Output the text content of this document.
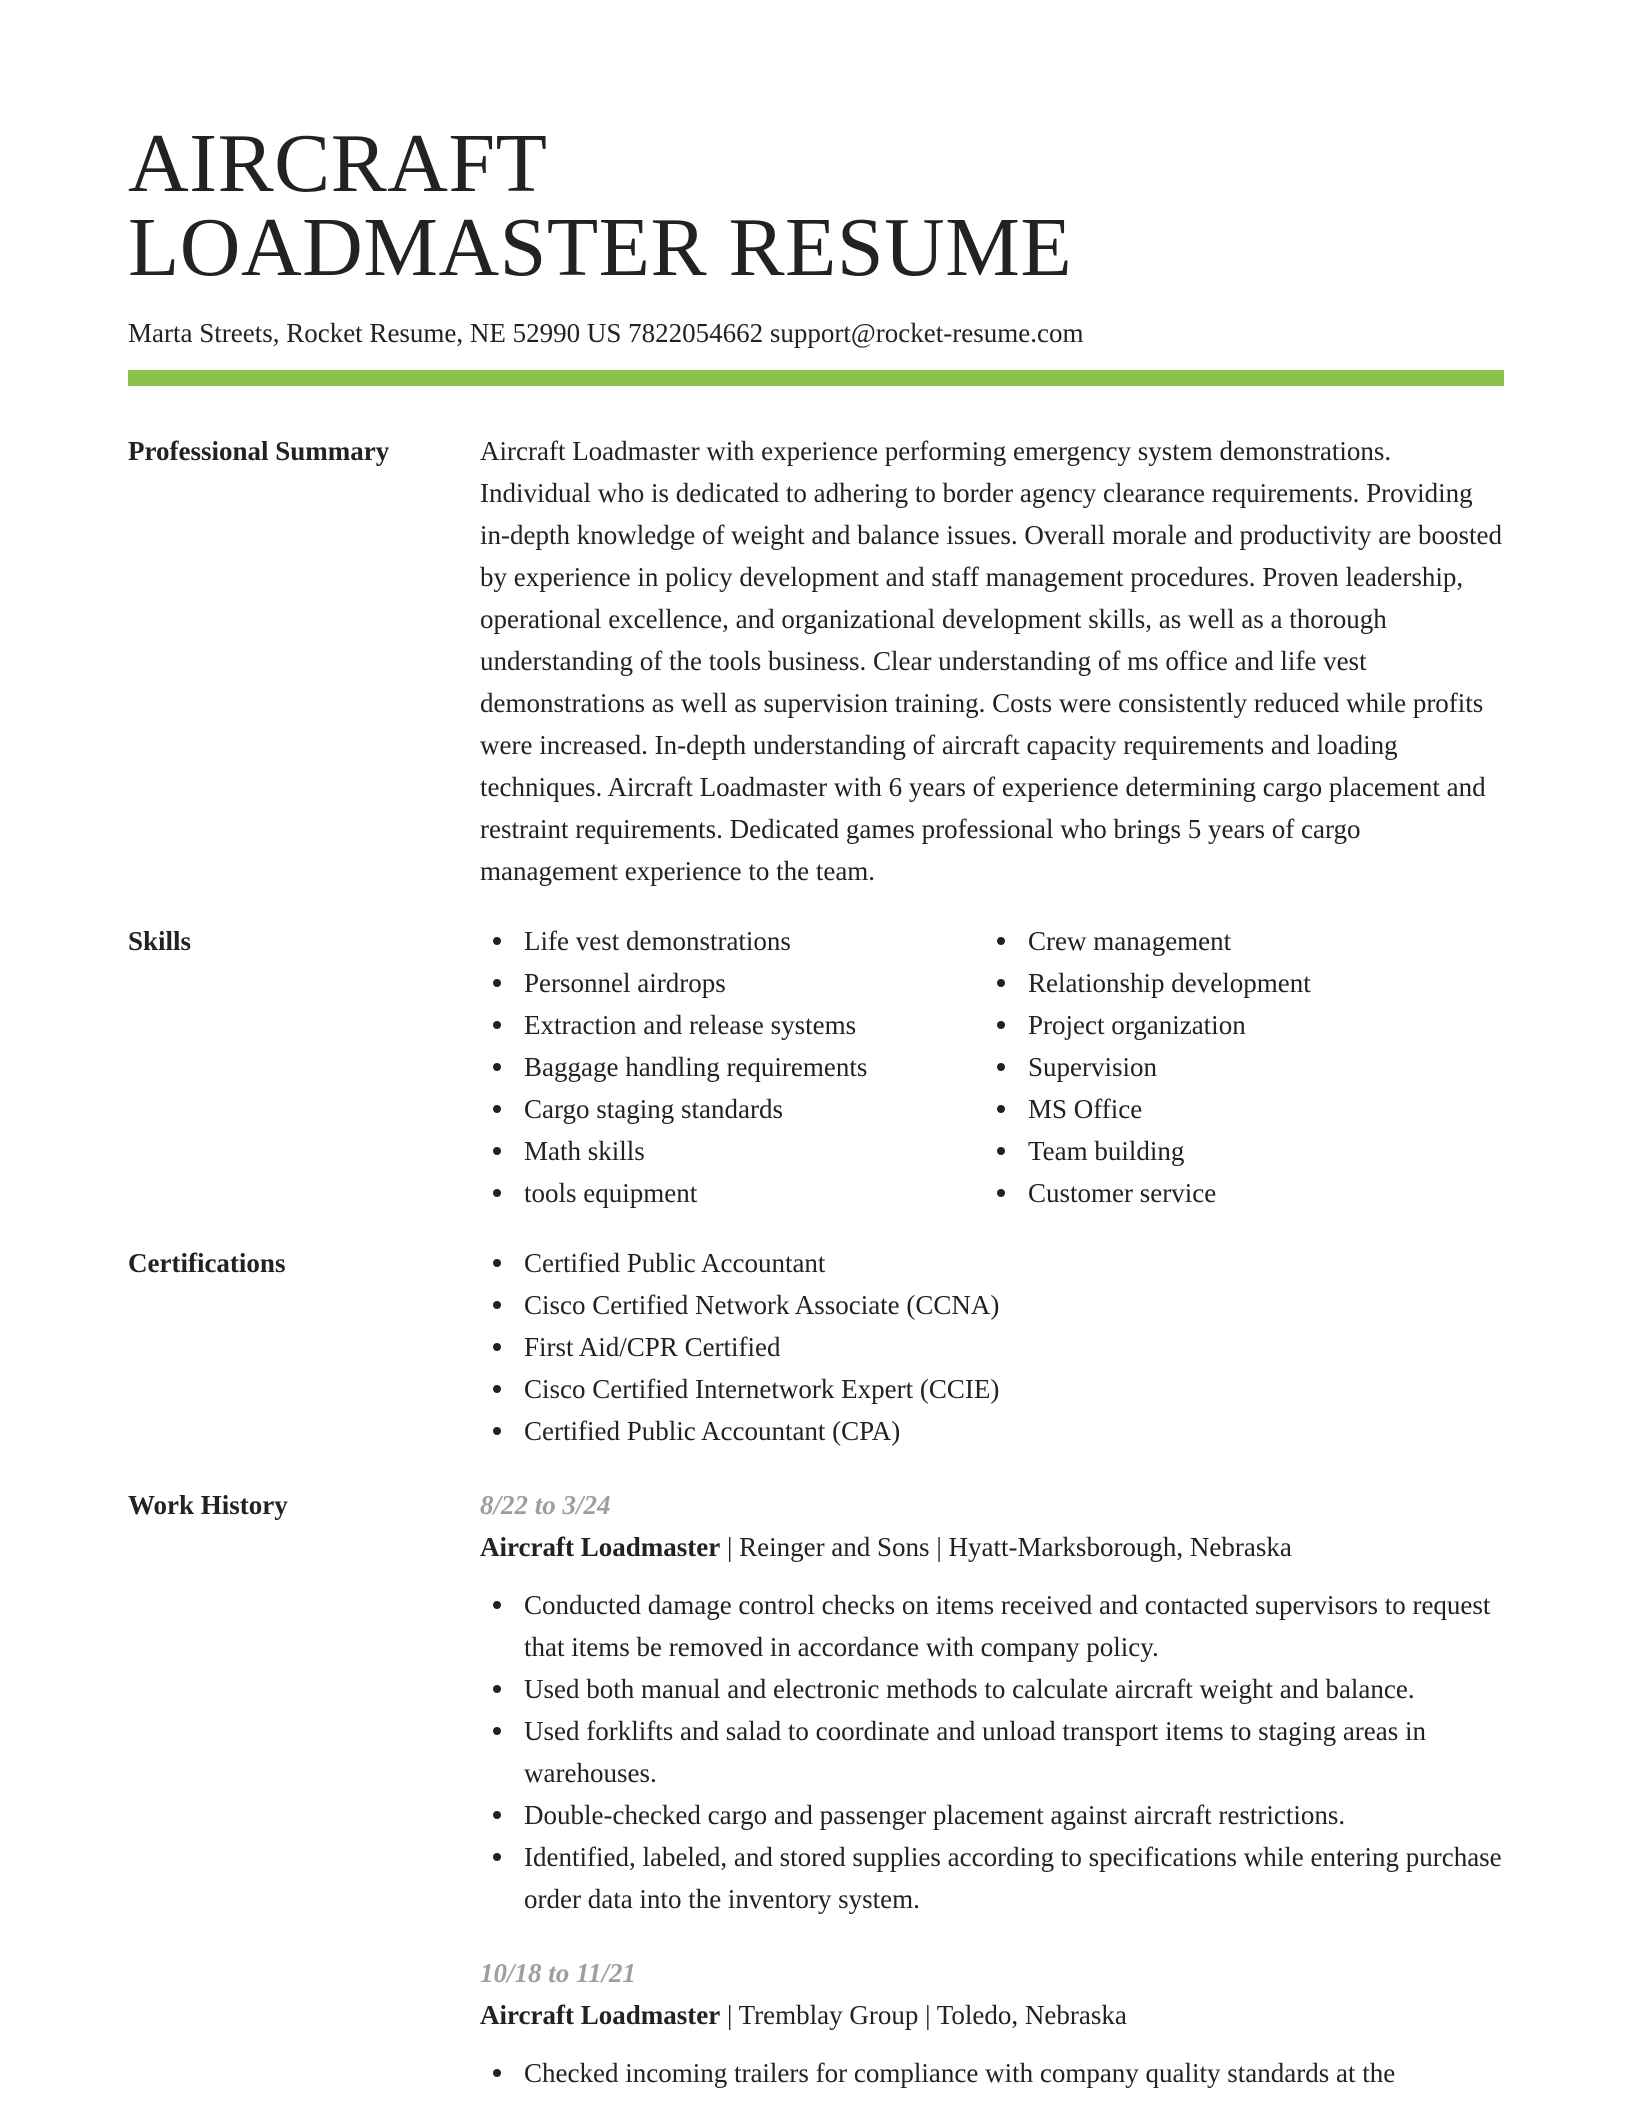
AIRCRAFT
LOADMASTER RESUME
Marta Streets, Rocket Resume, NE 52990 US 7822054662 support@rocket-resume.com
Professional Summary	Aircraft Loadmaster with experience performing emergency system demonstrations. Individual who is dedicated to adhering to border agency clearance requirements. Providing in-depth knowledge of weight and balance issues. Overall morale and productivity are boosted by experience in policy development and staff management procedures. Proven leadership, operational excellence, and organizational development skills, as well as a thorough understanding of the tools business. Clear understanding of ms office and life vest demonstrations as well as supervision training. Costs were consistently reduced while profits were increased. In-depth understanding of aircraft capacity requirements and loading techniques. Aircraft Loadmaster with 6 years of experience determining cargo placement and restraint requirements. Dedicated games professional who brings 5 years of cargo management experience to the team.

Skills	Life vest demonstrations
Personnel airdrops
Extraction and release systems
Baggage handling requirements
Cargo staging standards
Math skills
tools equipment
Crew management
Relationship development
Project organization
Supervision
MS Office
Team building
Customer service
Certifications	Certified Public Accountant
Cisco Certified Network Associate (CCNA)
First Aid/CPR Certified
Cisco Certified Internetwork Expert (CCIE)
Certified Public Accountant (CPA)
Work History	8/22 to 3/24
Aircraft Loadmaster | Reinger and Sons | Hyatt-Marksborough, Nebraska
Conducted damage control checks on items received and contacted supervisors to request that items be removed in accordance with company policy.
Used both manual and electronic methods to calculate aircraft weight and balance.
Used forklifts and salad to coordinate and unload transport items to staging areas in warehouses.
Double-checked cargo and passenger placement against aircraft restrictions.
Identified, labeled, and stored supplies according to specifications while entering purchase order data into the inventory system.
10/18 to 11/21
Aircraft Loadmaster | Tremblay Group | Toledo, Nebraska
Checked incoming trailers for compliance with company quality standards at the
